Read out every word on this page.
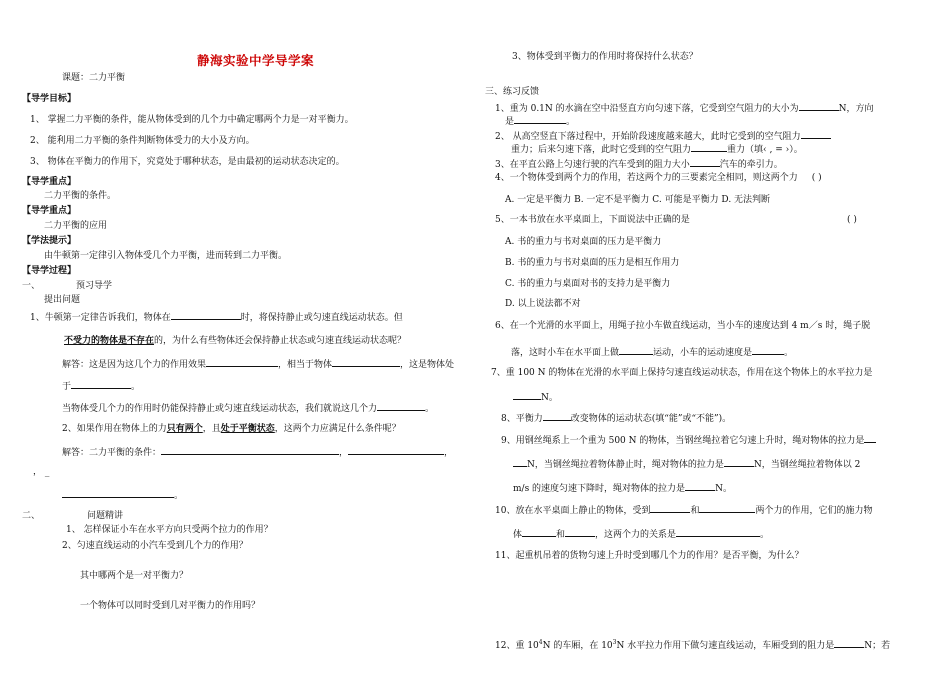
静海实验中学导学案
课题：二力平衡
【导学目标】
1、 掌握二力平衡的条件，能从物体受到的几个力中确定哪两个力是一对平衡力。
2、 能利用二力平衡的条件判断物体受力的大小及方向。
3、 物体在平衡力的作用下，究竟处于哪种状态，是由最初的运动状态决定的。
【导学重点】
二力平衡的条件。
【导学重点】
二力平衡的应用
【学法提示】
由牛顿第一定律引入物体受几个力平衡，进而转到二力平衡。
【导学过程】
一、	预习导学
提出问题
1、牛顿第一定律告诉我们，物体在	时，将保持静止或匀速直线运动状态。但
不受力的物体是不存在的，为什么有些物体还会保持静止状态或匀速直线运动状态呢？
解答：这是因为这几个力的作用效果	，相当于物体	，这是物体处
于	。
当物体受几个力的作用时仍能保持静止或匀速直线运动状态，我们就说这几个力	。
2、如果作用在物体上的力只有两个，且处于平衡状态，这两个力应满足什么条件呢？
解答：二力平衡的条件：	，	，
， _
。
二、	问题精讲
1、 怎样保证小车在水平方向只受两个拉力的作用？
2、匀速直线运动的小汽车受到几个力的作用？
其中哪两个是一对平衡力？
一个物体可以同时受到几对平衡力的作用吗？
3、物体受到平衡力的作用时将保持什么状态？
三、练习反馈
1、重为 0.1N 的水滴在空中沿竖直方向匀速下落，它受到空气阻力的大小为	N，方向
是	。
2、 从高空竖直下落过程中，开始阶段速度越来越大，此时它受到的空气阻力
重力；后来匀速下落，此时它受到的空气阻力	重力（填‹ ‚ = ›）。
3、在平直公路上匀速行驶的汽车受到的阻力大小	汽车的牵引力。
4、一个物体受到两个力的作用，若这两个力的三要素完全相同，则这两个力 ( )
A. 一定是平衡力 B. 一定不是平衡力 C. 可能是平衡力 D. 无法判断
5、一本书放在水平桌面上，下面说法中正确的是	( )
A. 书的重力与书对桌面的压力是平衡力
B. 书的重力与书对桌面的压力是相互作用力
C. 书的重力与桌面对书的支持力是平衡力
D. 以上说法都不对
6、在一个光滑的水平面上，用绳子拉小车做直线运动，当小车的速度达到 4 m／s 时，绳子脱
落，这时小车在水平面上做	运动，小车的运动速度是	。
7、重 100 N 的物体在光滑的水平面上保持匀速直线运动状态，作用在这个物体上的水平拉力是
N。
8、平衡力	改变物体的运动状态(填“能”或“不能”)。
9、用钢丝绳系上一个重为 500 N 的物体，当钢丝绳拉着它匀速上升时，绳对物体的拉力是
N，当钢丝绳拉着物体静止时，绳对物体的拉力是	N，当钢丝绳拉着物体以 2
m/s 的速度匀速下降时，绳对物体的拉力是	N。
10、放在水平桌面上静止的物体，受到	和	两个力的作用，它们的施力物
体	和	，这两个力的关系是	。
11、起重机吊着的货物匀速上升时受到哪几个力的作用？是否平衡，为什么？
12、重 $10^4N$ 的车厢，在 $10^3N$ 水平拉力作用下做匀速直线运动，车厢受到的阻力是	N；若
